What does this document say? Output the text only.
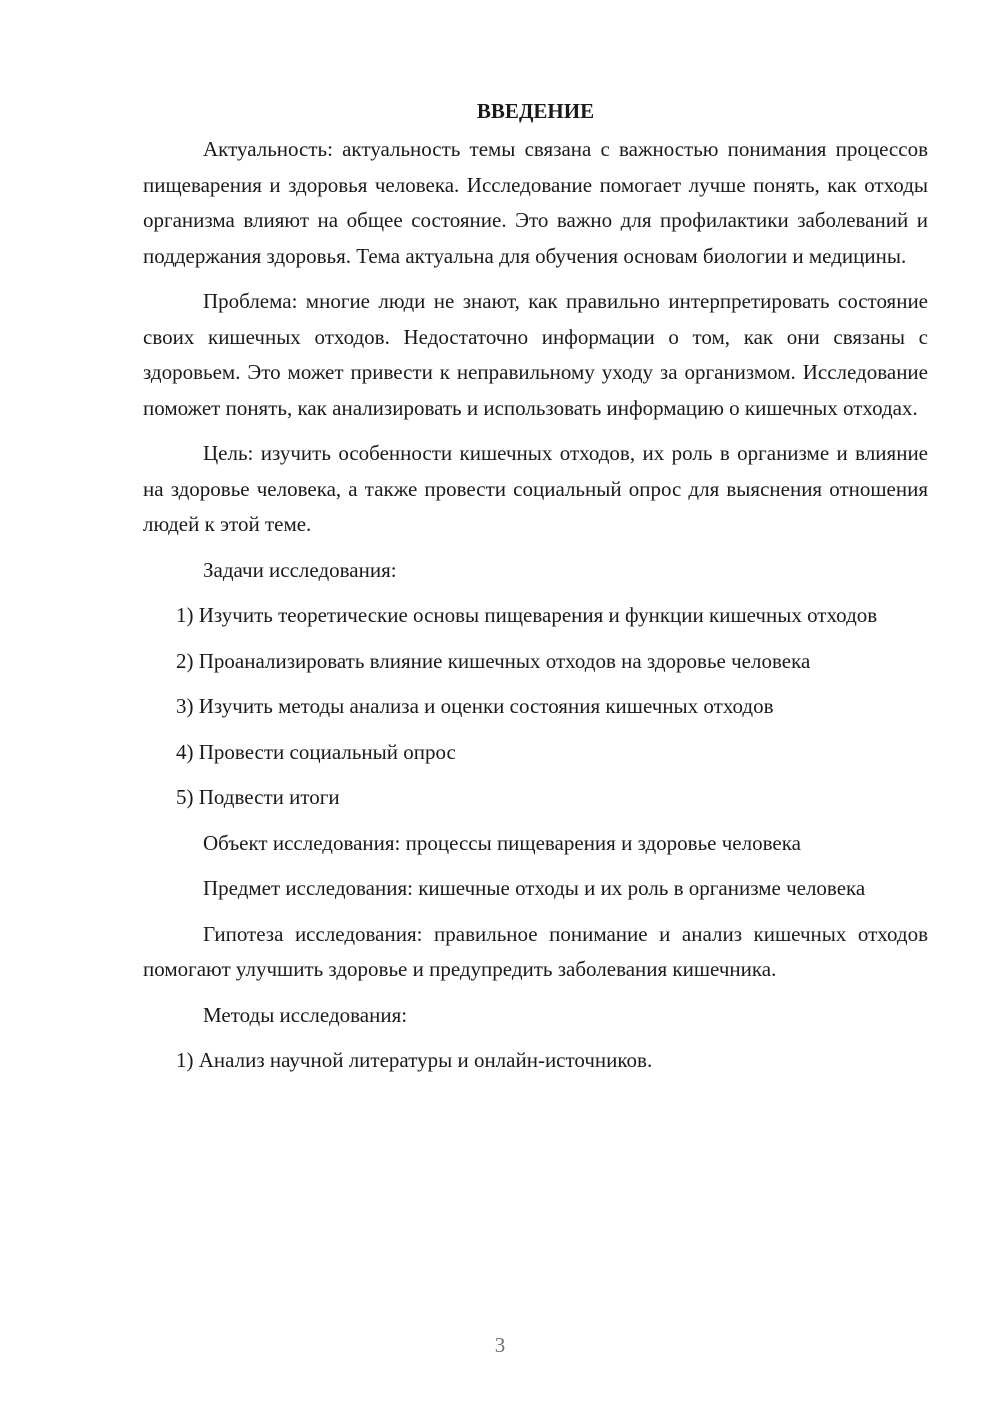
ВВЕДЕНИЕ

Актуальность: актуальность темы связана с важностью понимания процессов пищеварения и здоровья человека. Исследование помогает лучше понять, как отходы организма влияют на общее состояние. Это важно для профилактики заболеваний и поддержания здоровья. Тема актуальна для обучения основам биологии и медицины.

Проблема: многие люди не знают, как правильно интерпретировать состояние своих кишечных отходов. Недостаточно информации о том, как они связаны с здоровьем. Это может привести к неправильному уходу за организмом. Исследование поможет понять, как анализировать и использовать информацию о кишечных отходах.

Цель: изучить особенности кишечных отходов, их роль в организме и влияние на здоровье человека, а также провести социальный опрос для выяснения отношения людей к этой теме.

Задачи исследования:

1) Изучить теоретические основы пищеварения и функции кишечных отходов

2) Проанализировать влияние кишечных отходов на здоровье человека

3) Изучить методы анализа и оценки состояния кишечных отходов

4) Провести социальный опрос

5) Подвести итоги

Объект исследования: процессы пищеварения и здоровье человека

Предмет исследования: кишечные отходы и их роль в организме человека

Гипотеза исследования: правильное понимание и анализ кишечных отходов помогают улучшить здоровье и предупредить заболевания кишечника.

Методы исследования:

1) Анализ научной литературы и онлайн-источников.

3
